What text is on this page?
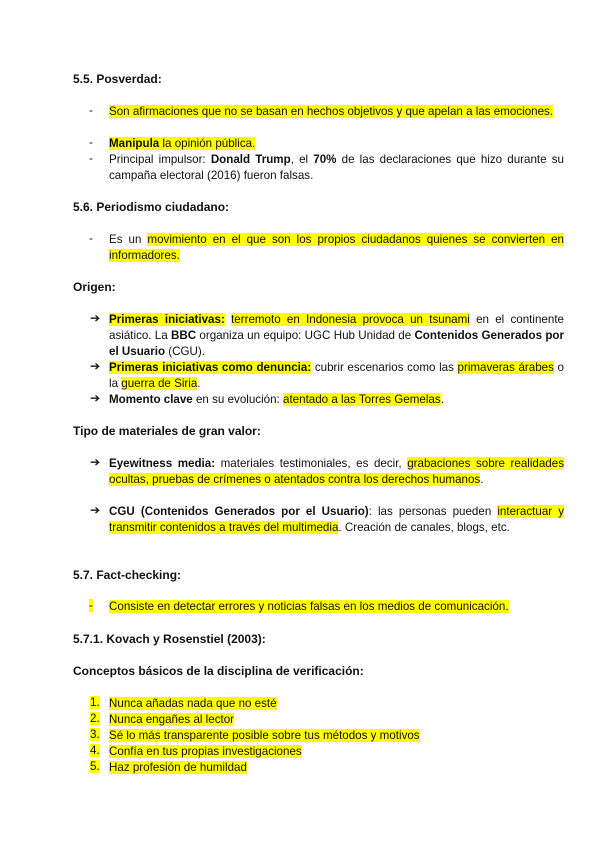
5.5. Posverdad:
- Son afirmaciones que no se basan en hechos objetivos y que apelan a las emociones.
- Manipula la opinión pública.
- Principal impulsor: Donald Trump, el 70% de las declaraciones que hizo durante su campaña electoral (2016) fueron falsas.
5.6. Periodismo ciudadano:
- Es un movimiento en el que son los propios ciudadanos quienes se convierten en informadores.
Origen:
➔ Primeras iniciativas: terremoto en Indonesia provoca un tsunami en el continente asiático. La BBC organiza un equipo: UGC Hub Unidad de Contenidos Generados por el Usuario (CGU).
➔ Primeras iniciativas como denuncia: cubrir escenarios como las primaveras árabes o la guerra de Siria.
➔ Momento clave en su evolución: atentado a las Torres Gemelas.
Tipo de materiales de gran valor:
➔ Eyewitness media: materiales testimoniales, es decir, grabaciones sobre realidades ocultas, pruebas de crímenes o atentados contra los derechos humanos.
➔ CGU (Contenidos Generados por el Usuario): las personas pueden interactuar y transmitir contenidos a través del multimedia. Creación de canales, blogs, etc.
5.7. Fact-checking:
- Consiste en detectar errores y noticias falsas en los medios de comunicación.
5.7.1. Kovach y Rosenstiel (2003):
Conceptos básicos de la disciplina de verificación:
1. Nunca añadas nada que no esté
2. Nunca engañes al lector
3. Sé lo más transparente posible sobre tus métodos y motivos
4. Confía en tus propias investigaciones
5. Haz profesión de humildad
